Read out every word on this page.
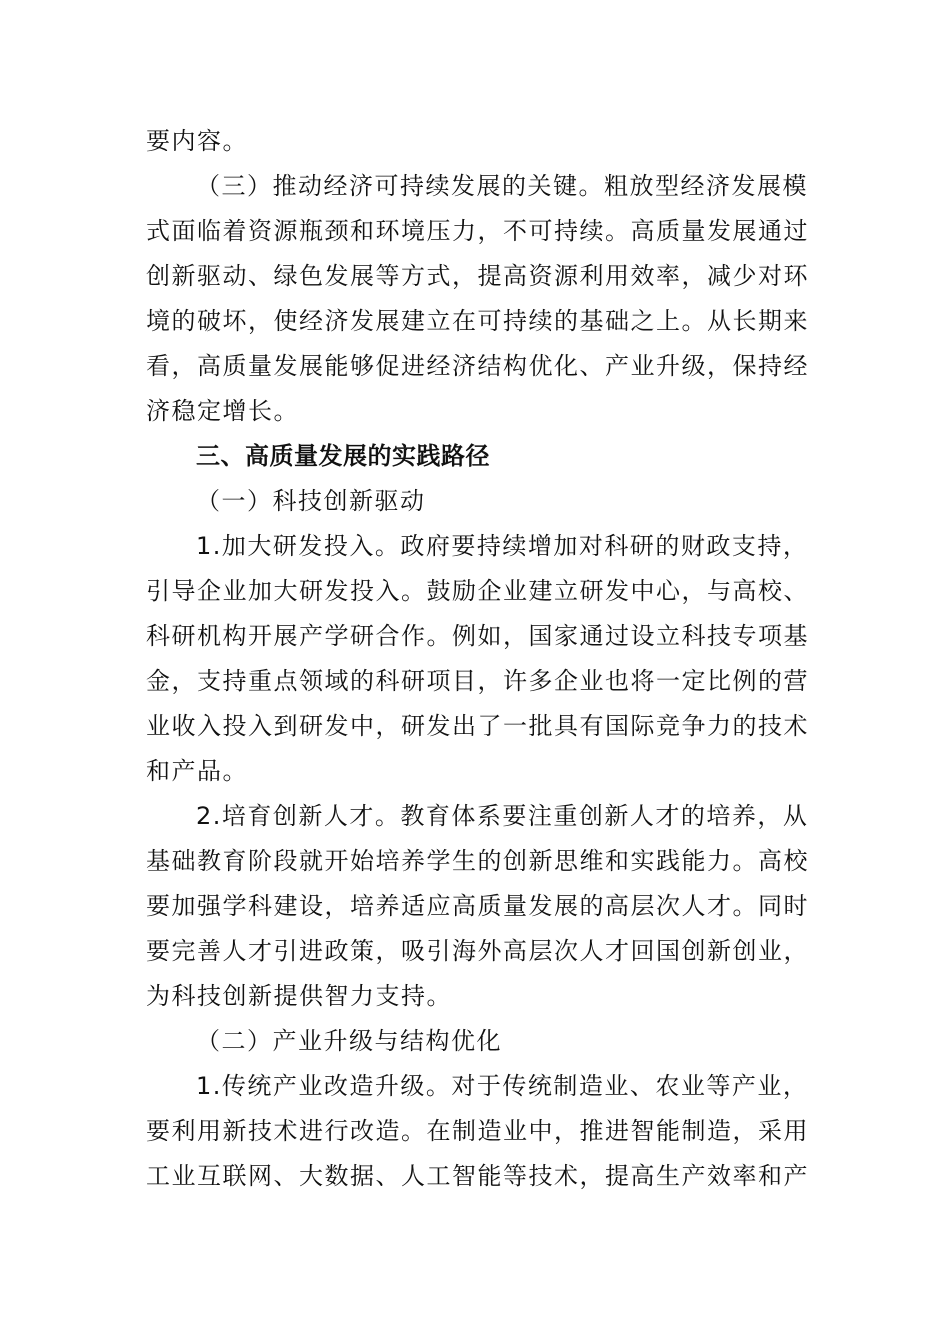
要内容。
（三）推动经济可持续发展的关键。粗放型经济发展模
式面临着资源瓶颈和环境压力，不可持续。高质量发展通过
创新驱动、绿色发展等方式，提高资源利用效率，减少对环
境的破坏，使经济发展建立在可持续的基础之上。从长期来
看，高质量发展能够促进经济结构优化、产业升级，保持经
济稳定增长。
三、高质量发展的实践路径
（一）科技创新驱动
1.加大研发投入。政府要持续增加对科研的财政支持，
引导企业加大研发投入。鼓励企业建立研发中心，与高校、
科研机构开展产学研合作。例如，国家通过设立科技专项基
金，支持重点领域的科研项目，许多企业也将一定比例的营
业收入投入到研发中，研发出了一批具有国际竞争力的技术
和产品。
2.培育创新人才。教育体系要注重创新人才的培养，从
基础教育阶段就开始培养学生的创新思维和实践能力。高校
要加强学科建设，培养适应高质量发展的高层次人才。同时
要完善人才引进政策，吸引海外高层次人才回国创新创业，
为科技创新提供智力支持。
（二）产业升级与结构优化
1.传统产业改造升级。对于传统制造业、农业等产业，
要利用新技术进行改造。在制造业中，推进智能制造，采用
工业互联网、大数据、人工智能等技术，提高生产效率和产
